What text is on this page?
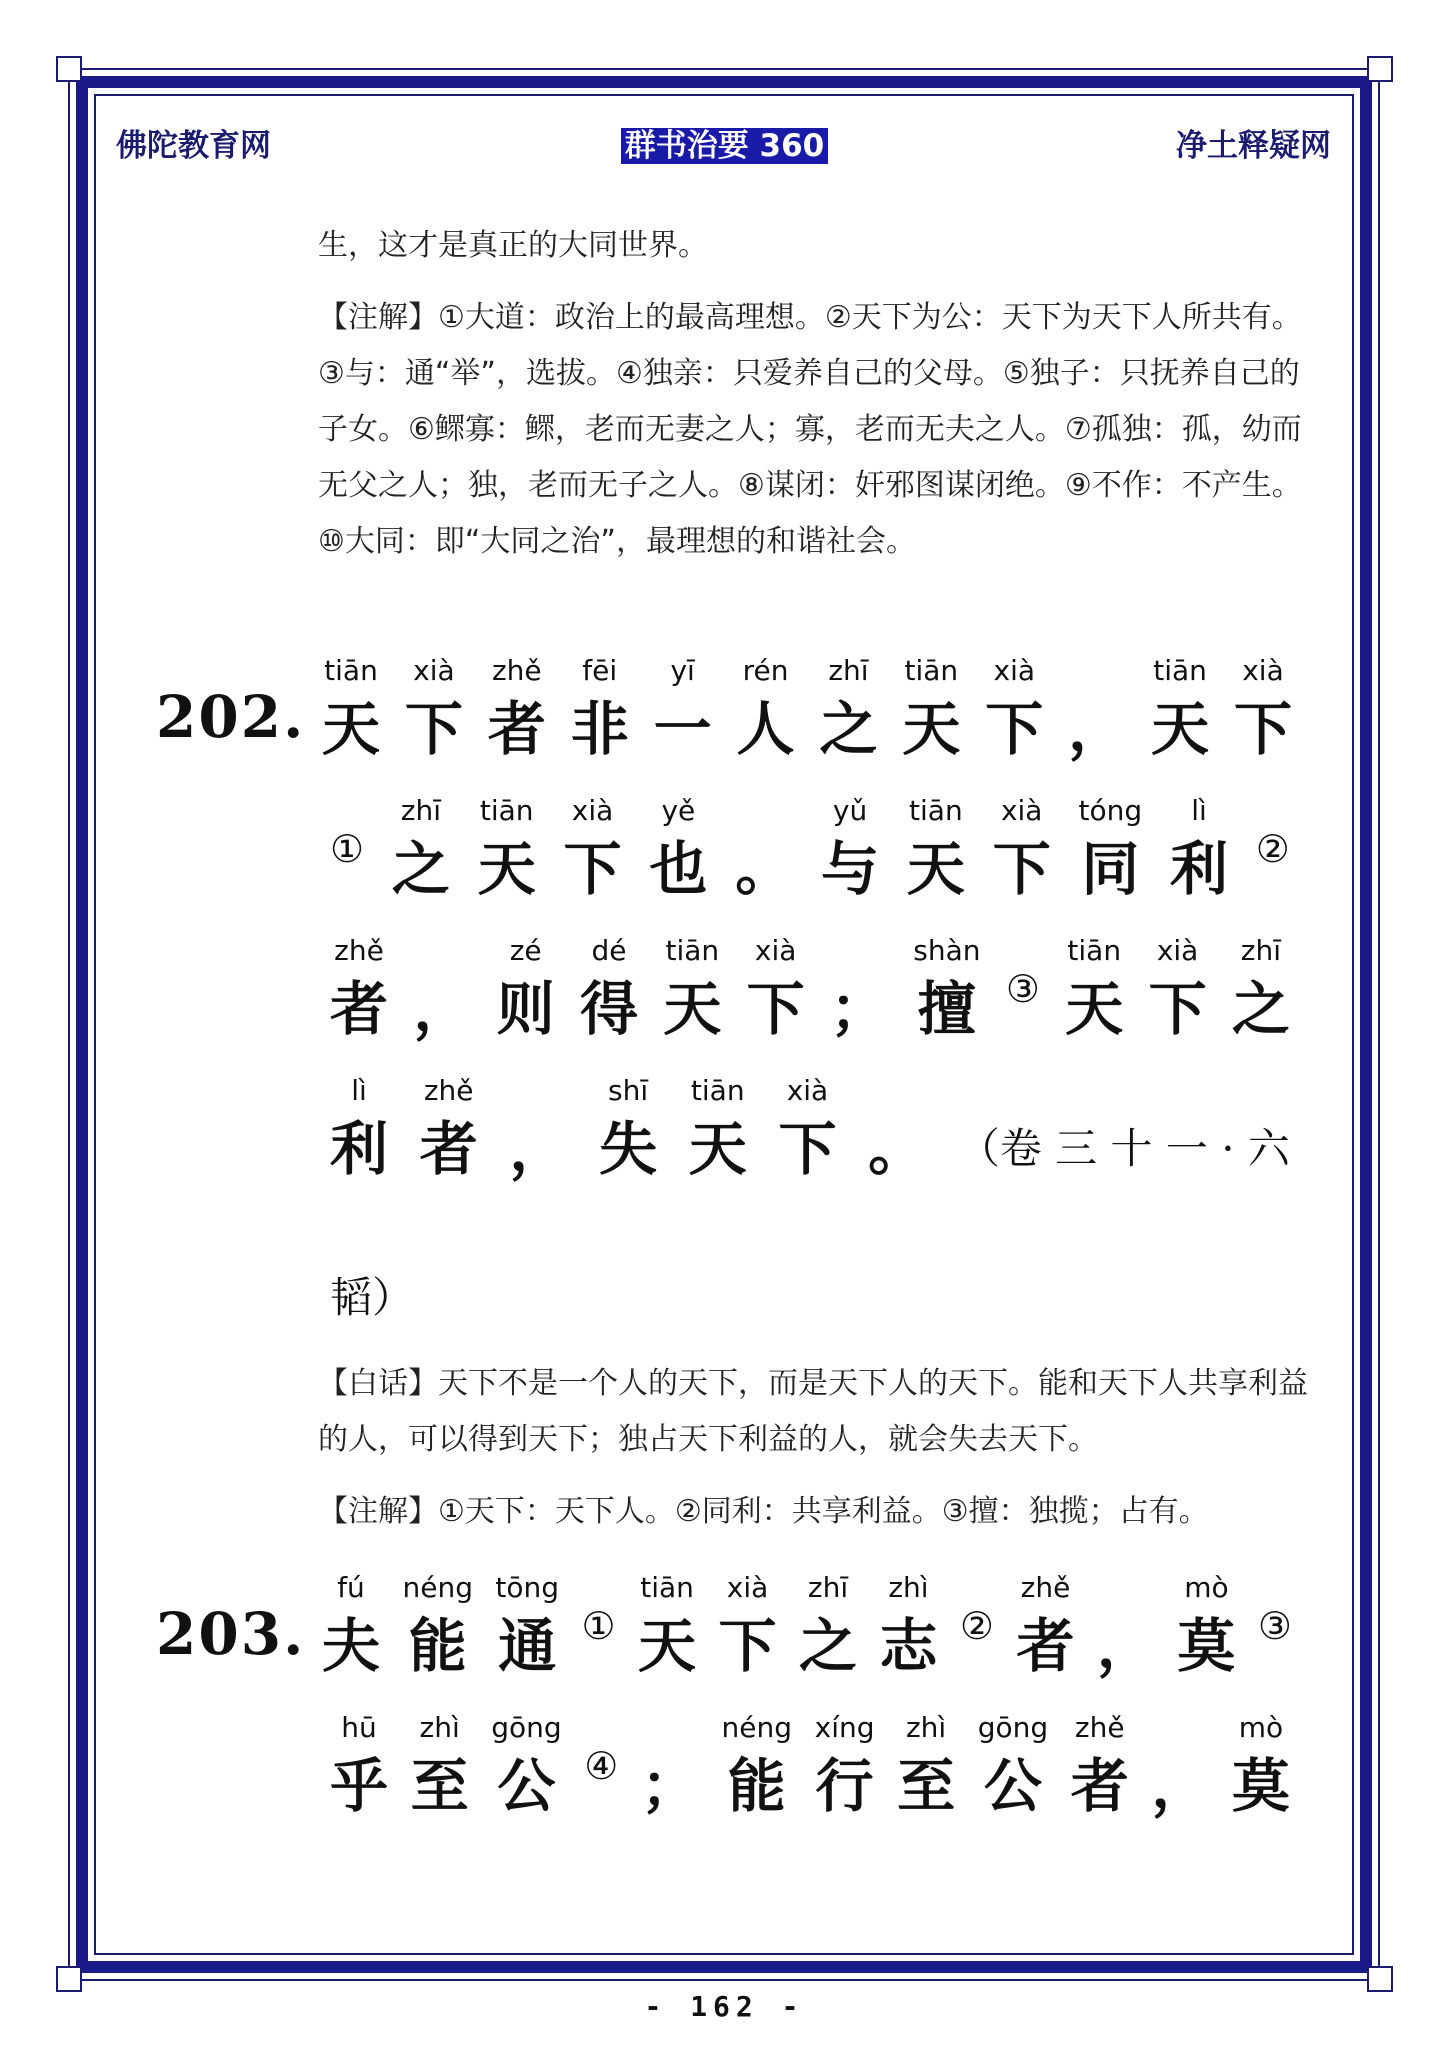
佛陀教育网	群书治要 360	净土释疑网
生，这才是真正的大同世界。
【注解】①大道：政治上的最高理想。②天下为公：天下为天下人所共有。③与：通“举”，选拔。④独亲：只爱养自己的父母。⑤独子：只抚养自己的子女。⑥鳏寡：鳏，老而无妻之人；寡，老而无夫之人。⑦孤独：孤，幼而无父之人；独，老而无子之人。⑧谋闭：奸邪图谋闭绝。⑨不作：不产生。⑩大同：即“大同之治”，最理想的和谐社会。
202.
tiān
天
xià
下
zhě
者
fēi
非
yī
一
rén
人
zhī
之
tiān
天
xià
下 ，
tiān
天
xià
下
①
zhī
之
tiān
天
xià
下
yě
也 。
yǔ
与
tiān
天
xià
下
tóng
同
lì
利 ②
zhě
者 ，
zé
则
dé
得
tiān
天
xià
下 ；
shàn
擅 ③
tiān
天
xià
下
zhī
之
lì
利
zhě
者 ，
shī
失
tiān
天
xià
下 。 （卷 三 十 一 · 六
韬）
【白话】天下不是一个人的天下，而是天下人的天下。能和天下人共享利益的人，可以得到天下；独占天下利益的人，就会失去天下。
【注解】①天下：天下人。②同利：共享利益。③擅：独揽；占有。
203.
fú
夫
néng
能
tōng
通 ①
tiān
天
xià
下
zhī
之
zhì
志 ②
zhě
者 ，
mò
莫 ③
hū
乎
zhì
至
gōng
公 ④ ；
néng
能
xíng
行
zhì
至
gōng
公
zhě
者 ，
mò
莫
- 162 -
